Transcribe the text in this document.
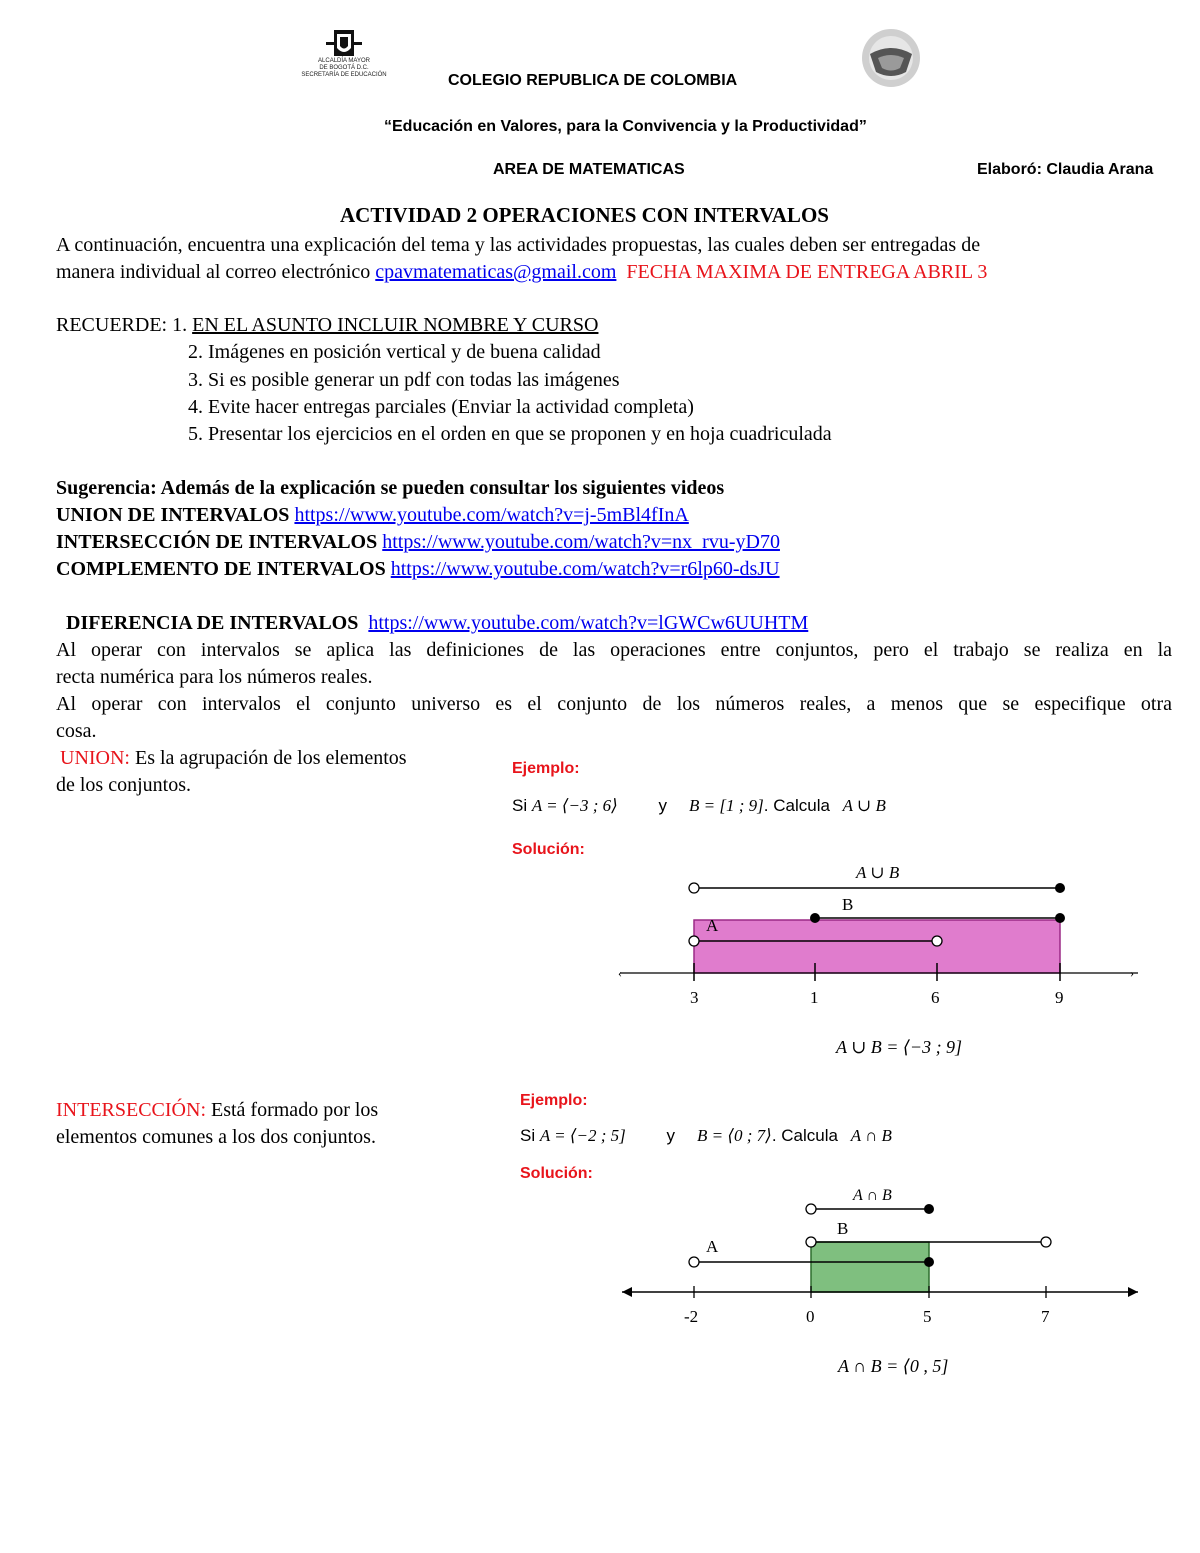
ALCALDÍA MAYOR
DE BOGOTÁ D.C.
SECRETARÍA DE EDUCACIÓN	COLEGIO REPUBLICA DE COLOMBIA
“Educación en Valores, para la Convivencia y la Productividad”
AREA DE MATEMATICAS	Elaboró: Claudia Arana
ACTIVIDAD 2 OPERACIONES CON INTERVALOS
A continuación, encuentra una explicación del tema y las actividades propuestas, las cuales deben ser entregadas de
manera individual al correo electrónico cpavmatematicas@gmail.com FECHA MAXIMA DE ENTREGA ABRIL 3
RECUERDE: 1. EN EL ASUNTO INCLUIR NOMBRE Y CURSO
2. Imágenes en posición vertical y de buena calidad
3. Si es posible generar un pdf con todas las imágenes
4. Evite hacer entregas parciales (Enviar la actividad completa)
5. Presentar los ejercicios en el orden en que se proponen y en hoja cuadriculada
Sugerencia: Además de la explicación se pueden consultar los siguientes videos
UNION DE INTERVALOS https://www.youtube.com/watch?v=j-5mBl4fInA
INTERSECCIÓN DE INTERVALOS https://www.youtube.com/watch?v=nx_rvu-yD70
COMPLEMENTO DE INTERVALOS https://www.youtube.com/watch?v=r6lp60-dsJU

DIFERENCIA DE INTERVALOS  https://www.youtube.com/watch?v=lGWCw6UUHTM

Al operar con intervalos se aplica las definiciones de las operaciones entre conjuntos, pero el trabajo se realiza en la
recta numérica para los números reales.
Al operar con intervalos el conjunto universo es el conjunto de los números reales, a menos que se especifique otra
cosa.
UNION: Es la agrupación de los elementos
de los conjuntos.
Ejemplo:
Si A = ⟨−3 ; 6⟩ y B = [1 ; 9]. Calcula A ∪ B
Solución:
‹	›
3	1	6	9
A ∪ B
B
A
A ∪ B = ⟨−3 ; 9]
INTERSECCIÓN: Está formado por los
elementos comunes a los dos conjuntos.
Ejemplo:
Si A = ⟨−2 ; 5] y B = ⟨0 ; 7⟩. Calcula A ∩ B
Solución:
-2	0	5	7
A ∩ B
B
A
A ∩ B = ⟨0 , 5]
